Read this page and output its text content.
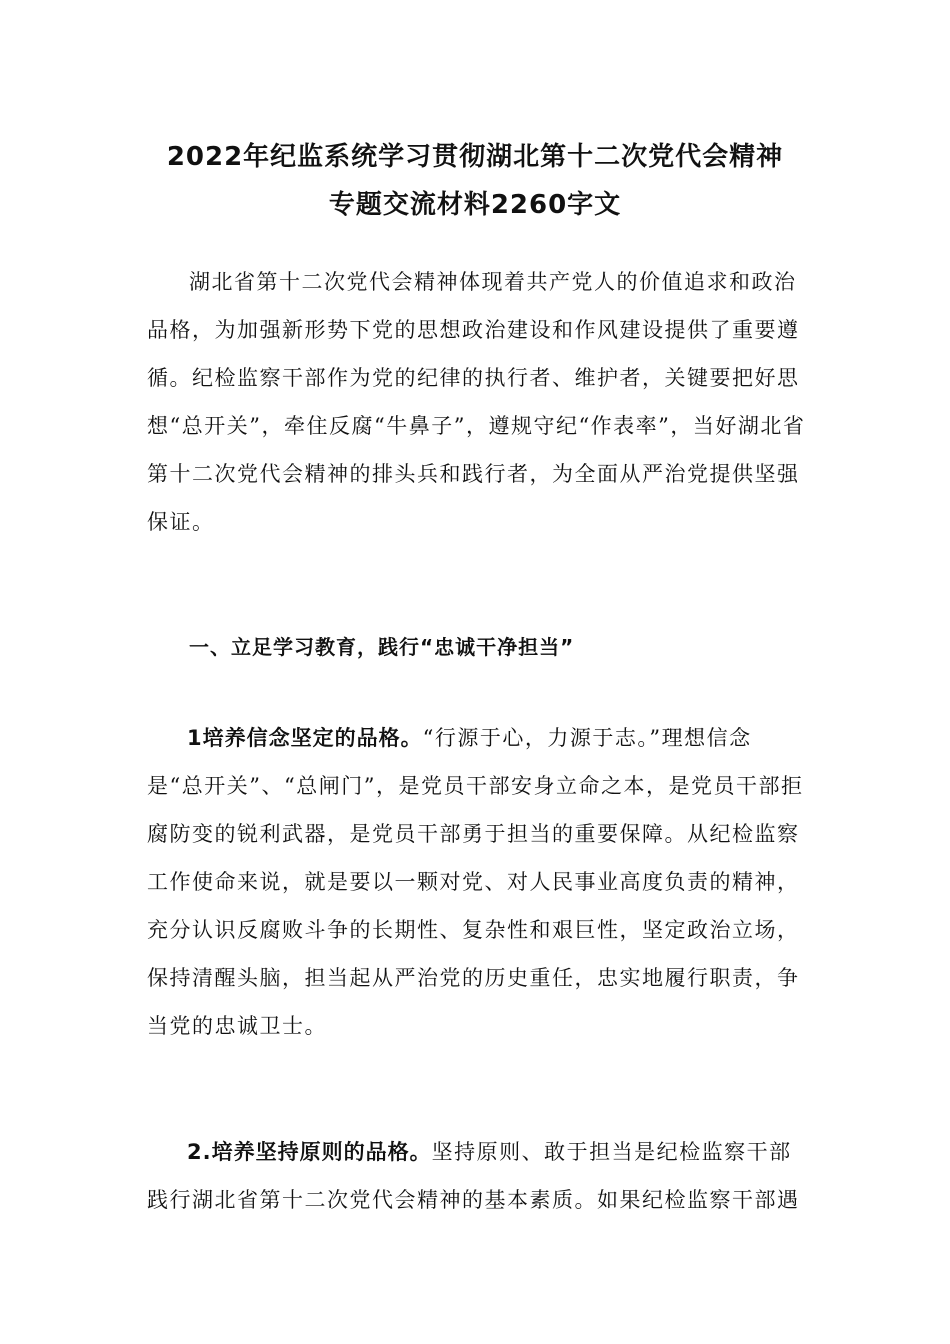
2022年纪监系统学习贯彻湖北第十二次党代会精神
专题交流材料2260字文
湖北省第十二次党代会精神体现着共产党人的价值追求和政治品格，为加强新形势下党的思想政治建设和作风建设提供了重要遵循。纪检监察干部作为党的纪律的执行者、维护者，关键要把好思想“总开关”，牵住反腐“牛鼻子”，遵规守纪“作表率”，当好湖北省第十二次党代会精神的排头兵和践行者，为全面从严治党提供坚强保证。
一、立足学习教育，践行“忠诚干净担当”
1培养信念坚定的品格。“行源于心，力源于志。”理想信念是“总开关”、“总闸门”，是党员干部安身立命之本，是党员干部拒腐防变的锐利武器，是党员干部勇于担当的重要保障。从纪检监察工作使命来说，就是要以一颗对党、对人民事业高度负责的精神，充分认识反腐败斗争的长期性、复杂性和艰巨性，坚定政治立场，保持清醒头脑，担当起从严治党的历史重任，忠实地履行职责，争当党的忠诚卫士。
2.培养坚持原则的品格。坚持原则、敢于担当是纪检监察干部践行湖北省第十二次党代会精神的基本素质。如果纪检监察干部遇
